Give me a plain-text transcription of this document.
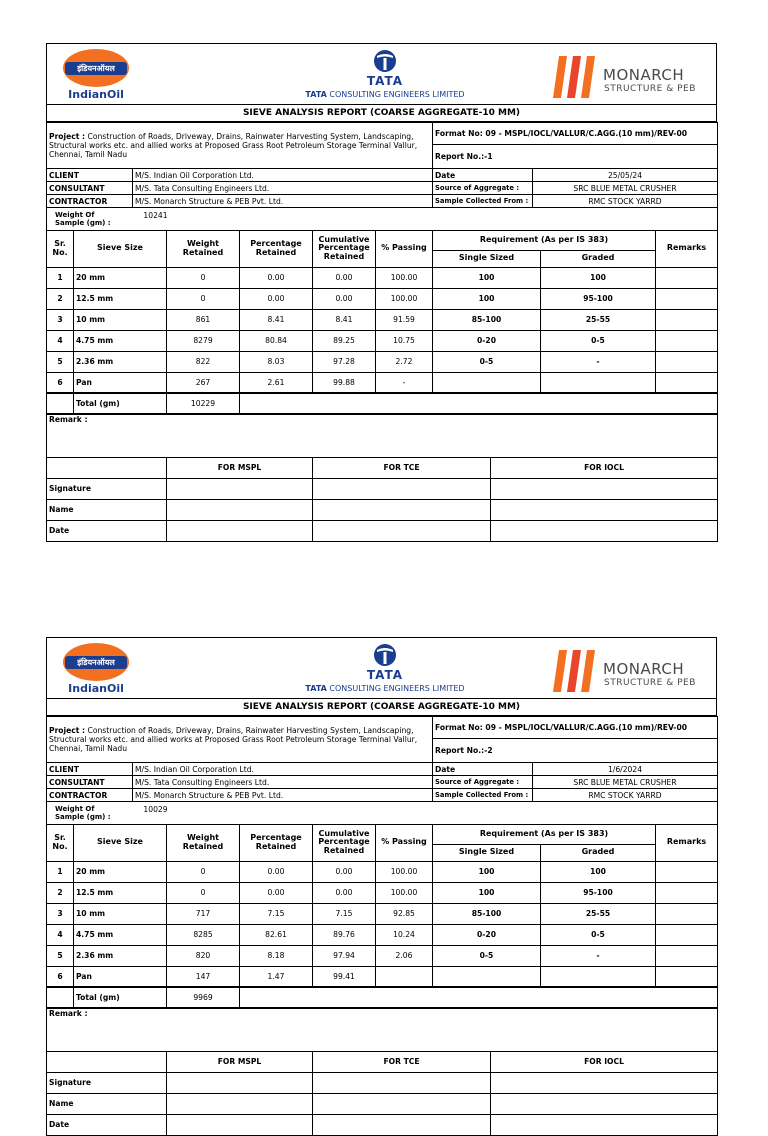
इंडियनऑयल
IndianOil
TATA
TATA CONSULTING ENGINEERS LIMITED
MONARCH
STRUCTURE & PEB
SIEVE ANALYSIS REPORT (COARSE AGGREGATE-10 MM)
Project : Construction of Roads, Driveway, Drains, Rainwater Harvesting System, Landscaping, Structural works etc. and allied works at Proposed Grass Root Petroleum Storage Terminal Vallur, Chennai, Tamil Nadu		Format No: 09 - MSPL/IOCL/VALLUR/C.AGG.(10 mm)/REV-00	
		Report No.:-1	
CLIENT	M/S. Indian Oil Corporation Ltd.	Date	25/05/24
CONSULTANT	M/S. Tata Consulting Engineers Ltd.	Source of Aggregate :	SRC BLUE METAL CRUSHER
CONTRACTOR	M/S. Monarch Structure & PEB Pvt. Ltd.	Sample Collected From :	RMC STOCK YARRD
Weight Of Sample (gm) : 10241			
Sr. No.	Sieve Size	Weight Retained	Percentage Retained	Cumulative Percentage Retained	% Passing	Requirement (As per IS 383)		Remarks
						Single Sized	Graded	
1	20 mm	0	0.00	0.00	100.00	100	100	
2	12.5 mm	0	0.00	0.00	100.00	100	95-100	
3	10 mm	861	8.41	8.41	91.59	85-100	25-55	
4	4.75 mm	8279	80.84	89.25	10.75	0-20	0-5	
5	2.36 mm	822	8.03	97.28	2.72	0-5	-	
6	Pan	267	2.61	99.88	-			
	Total (gm)	10229						
Remark :			
	FOR MSPL	FOR TCE	FOR IOCL
Signature			
Name			
Date			
इंडियनऑयल
IndianOil
TATA
TATA CONSULTING ENGINEERS LIMITED
MONARCH
STRUCTURE & PEB
SIEVE ANALYSIS REPORT (COARSE AGGREGATE-10 MM)
Project : Construction of Roads, Driveway, Drains, Rainwater Harvesting System, Landscaping, Structural works etc. and allied works at Proposed Grass Root Petroleum Storage Terminal Vallur, Chennai, Tamil Nadu		Format No: 09 - MSPL/IOCL/VALLUR/C.AGG.(10 mm)/REV-00	
		Report No.:-2	
CLIENT	M/S. Indian Oil Corporation Ltd.	Date	1/6/2024
CONSULTANT	M/S. Tata Consulting Engineers Ltd.	Source of Aggregate :	SRC BLUE METAL CRUSHER
CONTRACTOR	M/S. Monarch Structure & PEB Pvt. Ltd.	Sample Collected From :	RMC STOCK YARRD
Weight Of Sample (gm) : 10029			
Sr. No.	Sieve Size	Weight Retained	Percentage Retained	Cumulative Percentage Retained	% Passing	Requirement (As per IS 383)		Remarks
						Single Sized	Graded	
1	20 mm	0	0.00	0.00	100.00	100	100	
2	12.5 mm	0	0.00	0.00	100.00	100	95-100	
3	10 mm	717	7.15	7.15	92.85	85-100	25-55	
4	4.75 mm	8285	82.61	89.76	10.24	0-20	0-5	
5	2.36 mm	820	8.18	97.94	2.06	0-5	-	
6	Pan	147	1.47	99.41				
	Total (gm)	9969						
Remark :			
	FOR MSPL	FOR TCE	FOR IOCL
Signature			
Name			
Date			
